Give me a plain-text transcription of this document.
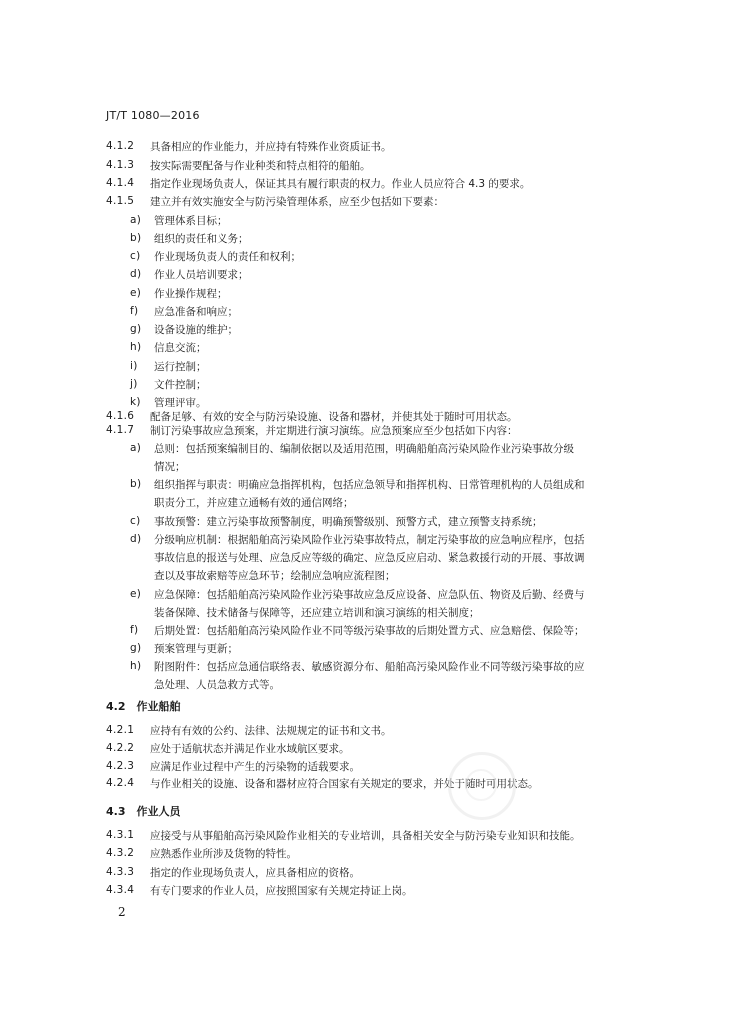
JT/T 1080—2016
4.1.2 具备相应的作业能力，并应持有特殊作业资质证书。
4.1.3 按实际需要配备与作业种类和特点相符的船舶。
4.1.4 指定作业现场负责人，保证其具有履行职责的权力。作业人员应符合 4.3 的要求。
4.1.5 建立并有效实施安全与防污染管理体系，应至少包括如下要素：
a) 管理体系目标；
b) 组织的责任和义务；
c) 作业现场负责人的责任和权利；
d) 作业人员培训要求；
e) 作业操作规程；
f) 应急准备和响应；
g) 设备设施的维护；
h) 信息交流；
i) 运行控制；
j) 文件控制；
k) 管理评审。
4.1.6 配备足够、有效的安全与防污染设施、设备和器材，并使其处于随时可用状态。
4.1.7 制订污染事故应急预案，并定期进行演习演练。应急预案应至少包括如下内容：
a) 总则：包括预案编制目的、编制依据以及适用范围，明确船舶高污染风险作业污染事故分级
情况；
b) 组织指挥与职责：明确应急指挥机构，包括应急领导和指挥机构、日常管理机构的人员组成和
职责分工，并应建立通畅有效的通信网络；
c) 事故预警：建立污染事故预警制度，明确预警级别、预警方式，建立预警支持系统；
d) 分级响应机制：根据船舶高污染风险作业污染事故特点，制定污染事故的应急响应程序，包括
事故信息的报送与处理、应急反应等级的确定、应急反应启动、紧急救援行动的开展、事故调
查以及事故索赔等应急环节；绘制应急响应流程图；
e) 应急保障：包括船舶高污染风险作业污染事故应急反应设备、应急队伍、物资及后勤、经费与
装备保障、技术储备与保障等，还应建立培训和演习演练的相关制度；
f) 后期处置：包括船舶高污染风险作业不同等级污染事故的后期处置方式、应急赔偿、保险等；
g) 预案管理与更新；
h) 附图附件：包括应急通信联络表、敏感资源分布、船舶高污染风险作业不同等级污染事故的应
急处理、人员急救方式等。
4.2　作业船舶
4.2.1 应持有有效的公约、法律、法规规定的证书和文书。
4.2.2 应处于适航状态并满足作业水域航区要求。
4.2.3 应满足作业过程中产生的污染物的适载要求。
4.2.4 与作业相关的设施、设备和器材应符合国家有关规定的要求，并处于随时可用状态。
4.3　作业人员
4.3.1 应接受与从事船舶高污染风险作业相关的专业培训，具备相关安全与防污染专业知识和技能。
4.3.2 应熟悉作业所涉及货物的特性。
4.3.3 指定的作业现场负责人，应具备相应的资格。
4.3.4 有专门要求的作业人员，应按照国家有关规定持证上岗。
2
